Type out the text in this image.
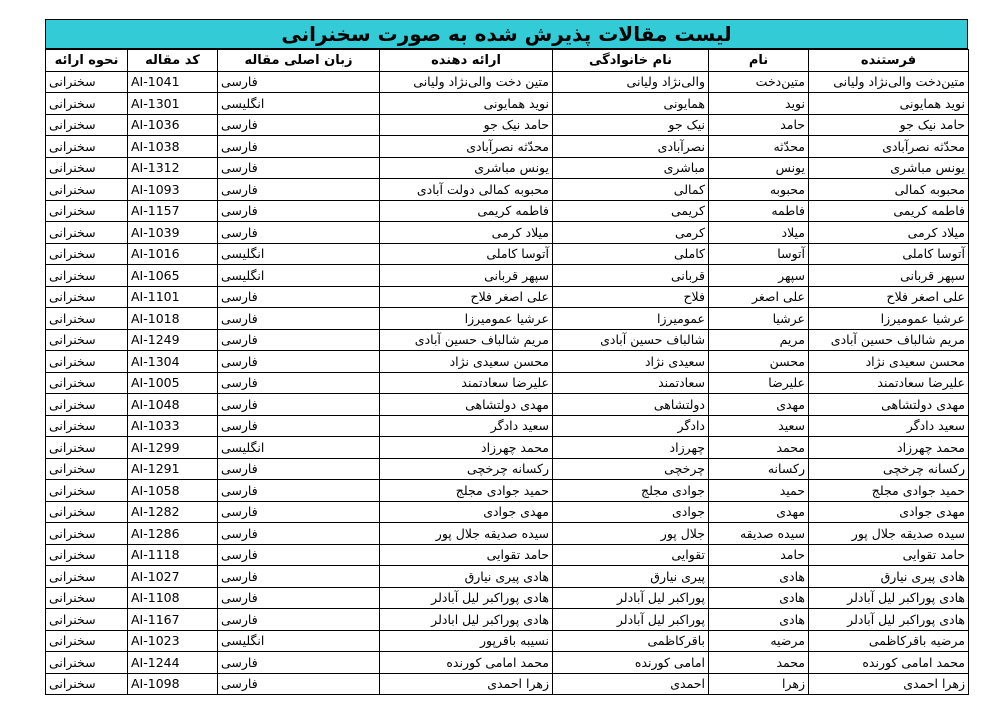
لیست مقالات پذیرش شده به صورت سخنرانی
فرستنده	نام	نام خانوادگی	ارائه دهنده	زبان اصلی مقاله	کد مقاله	نحوه ارائه
متین‌دخت والی‌نژاد ولیانی	متین‌دخت	والی‌نژاد ولیانی	متین دخت والی‌نژاد ولیانی	فارسی	AI-1041	سخنرانی
نوید همایونی	نوید	همایونی	نوید همایونی	انگلیسی	AI-1301	سخنرانی
حامد نیک جو	حامد	نیک جو	حامد نیک جو	فارسی	AI-1036	سخنرانی
محدّثه نصرآبادی	محدّثه	نصرآبادی	محدّثه نصرآبادی	فارسی	AI-1038	سخنرانی
یونس مباشری	یونس	مباشری	یونس مباشری	فارسی	AI-1312	سخنرانی
محبوبه کمالی	محبوبه	کمالی	محبوبه کمالی دولت آبادی	فارسی	AI-1093	سخنرانی
فاطمه کریمی	فاطمه	کریمی	فاطمه کریمی	فارسی	AI-1157	سخنرانی
میلاد کرمی	میلاد	کرمی	میلاد کرمی	فارسی	AI-1039	سخنرانی
آتوسا کاملی	آتوسا	کاملی	آتوسا کاملی	انگلیسی	AI-1016	سخنرانی
سپهر قربانی	سپهر	قربانی	سپهر قربانی	انگلیسی	AI-1065	سخنرانی
علی اصغر فلاح	علی اصغر	فلاح	علی اصغر فلاح	فارسی	AI-1101	سخنرانی
عرشیا عمومیرزا	عرشیا	عمومیرزا	عرشیا عمومیرزا	فارسی	AI-1018	سخنرانی
مریم شالباف حسین آبادی	مریم	شالباف حسین آبادی	مریم شالباف حسین آبادی	فارسی	AI-1249	سخنرانی
محسن سعیدی نژاد	محسن	سعیدی نژاد	محسن سعیدی نژاد	فارسی	AI-1304	سخنرانی
علیرضا سعادتمند	علیرضا	سعادتمند	علیرضا سعادتمند	فارسی	AI-1005	سخنرانی
مهدی دولتشاهی	مهدی	دولتشاهی	مهدی دولتشاهی	فارسی	AI-1048	سخنرانی
سعید دادگر	سعید	دادگر	سعید دادگر	فارسی	AI-1033	سخنرانی
محمد چهرزاد	محمد	چهرزاد	محمد چهرزاد	انگلیسی	AI-1299	سخنرانی
رکسانه چرخچی	رکسانه	چرخچی	رکسانه چرخچی	فارسی	AI-1291	سخنرانی
حمید جوادی مجلج	حمید	جوادی مجلج	حمید جوادی مجلج	فارسی	AI-1058	سخنرانی
مهدی جوادی	مهدی	جوادی	مهدی جوادی	فارسی	AI-1282	سخنرانی
سیده صدیقه جلال پور	سیده صدیقه	جلال پور	سیده صدیقه جلال پور	فارسی	AI-1286	سخنرانی
حامد تقوایی	حامد	تقوایی	حامد تقوایی	فارسی	AI-1118	سخنرانی
هادی پیری نیارق	هادی	پیری نیارق	هادی پیری نیارق	فارسی	AI-1027	سخنرانی
هادی پوراکبر لیل آبادلر	هادی	پوراکبر لیل آبادلر	هادی پوراکبر لیل آبادلر	فارسی	AI-1108	سخنرانی
هادی پوراکبر لیل آبادلر	هادی	پوراکبر لیل آبادلر	هادی پوراکبر لیل ابادلر	فارسی	AI-1167	سخنرانی
مرضیه باقرکاظمی	مرضیه	باقرکاظمی	نسیبه باقرپور	انگلیسی	AI-1023	سخنرانی
محمد امامی کورنده	محمد	امامی کورنده	محمد امامی کورنده	فارسی	AI-1244	سخنرانی
زهرا احمدی	زهرا	احمدی	زهرا احمدی	فارسی	AI-1098	سخنرانی
